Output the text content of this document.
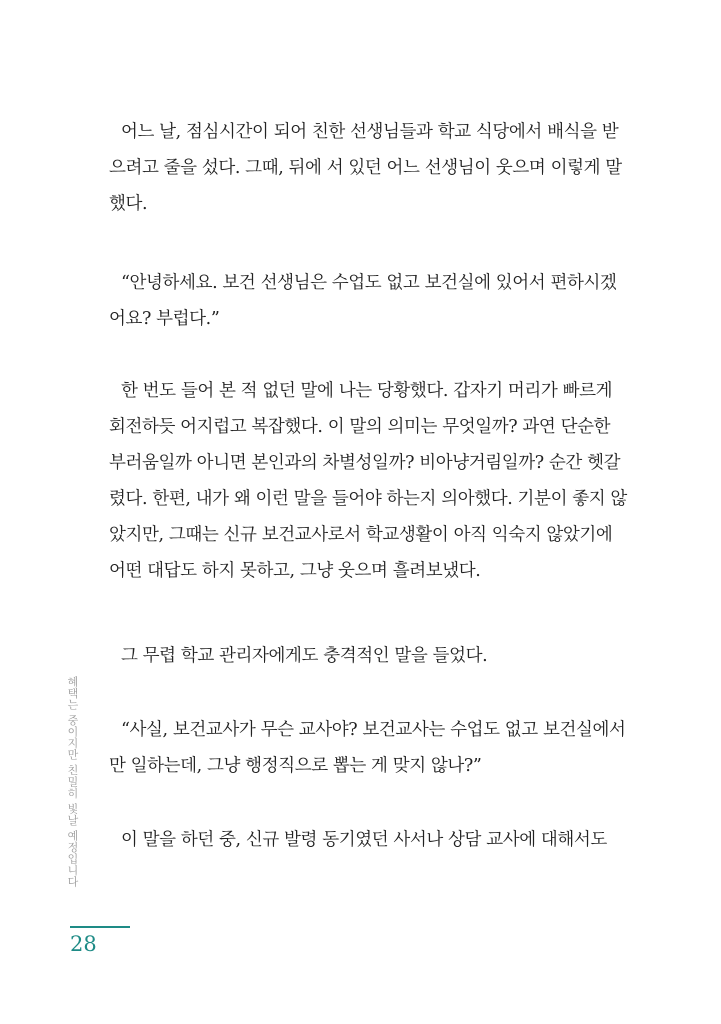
어느 날, 점심시간이 되어 친한 선생님들과 학교 식당에서 배식을 받
으려고 줄을 섰다. 그때, 뒤에 서 있던 어느 선생님이 웃으며 이렇게 말
했다.
“안녕하세요. 보건 선생님은 수업도 없고 보건실에 있어서 편하시겠
어요? 부럽다.”
한 번도 들어 본 적 없던 말에 나는 당황했다. 갑자기 머리가 빠르게
회전하듯 어지럽고 복잡했다. 이 말의 의미는 무엇일까? 과연 단순한
부러움일까 아니면 본인과의 차별성일까? 비아냥거림일까? 순간 헷갈
렸다. 한편, 내가 왜 이런 말을 들어야 하는지 의아했다. 기분이 좋지 않
았지만, 그때는 신규 보건교사로서 학교생활이 아직 익숙지 않았기에
어떤 대답도 하지 못하고, 그냥 웃으며 흘려보냈다.
그 무렵 학교 관리자에게도 충격적인 말을 들었다.
“사실, 보건교사가 무슨 교사야? 보건교사는 수업도 없고 보건실에서
만 일하는데, 그냥 행정직으로 뽑는 게 맞지 않나?”
이 말을 하던 중, 신규 발령 동기였던 사서나 상담 교사에 대해서도
혜택는 중이지만 친밀히 빛날 예정입니다
28
